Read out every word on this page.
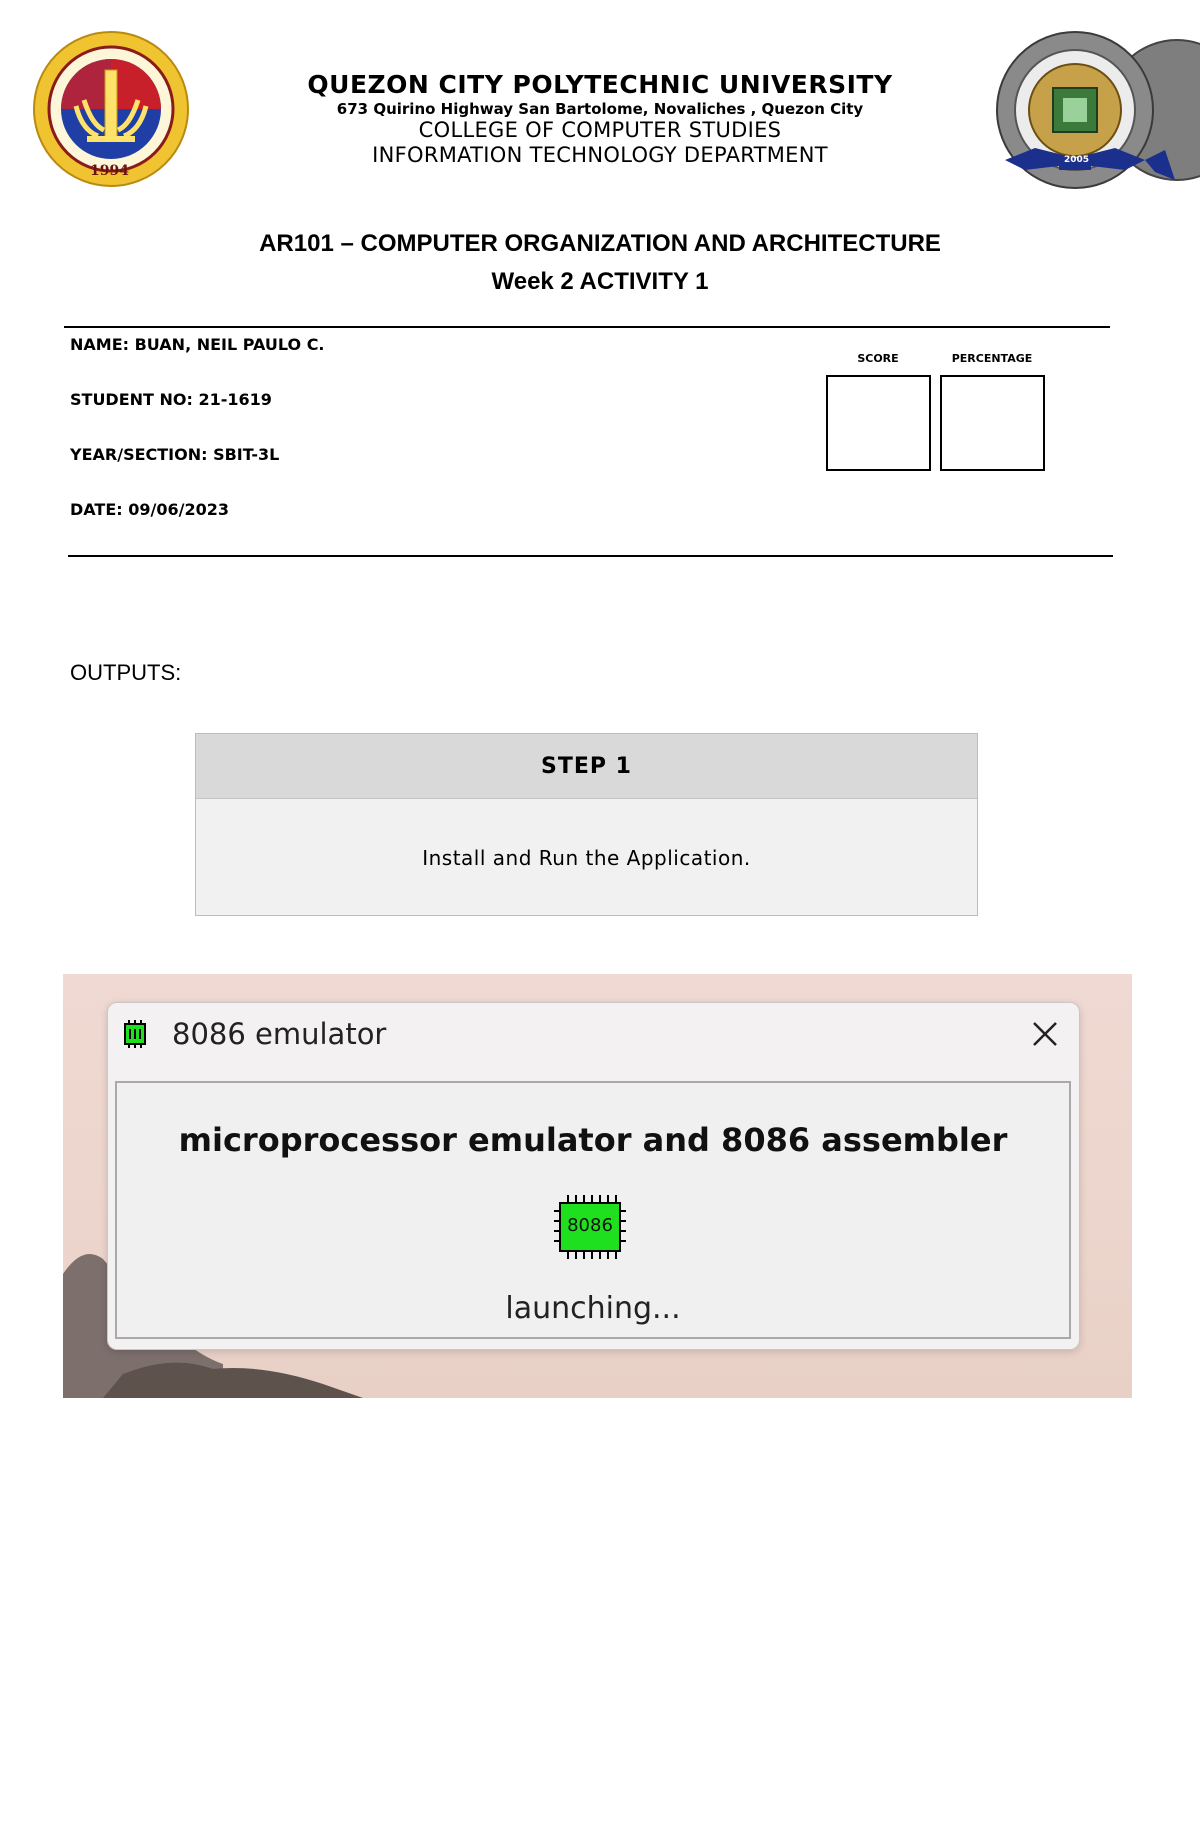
1994
2005
QUEZON CITY POLYTECHNIC UNIVERSITY
673 Quirino Highway San Bartolome, Novaliches , Quezon City
COLLEGE OF COMPUTER STUDIES
INFORMATION TECHNOLOGY DEPARTMENT
AR101 – COMPUTER ORGANIZATION AND ARCHITECTURE
Week 2 ACTIVITY 1
NAME: BUAN, NEIL PAULO C.
STUDENT NO: 21-1619
YEAR/SECTION: SBIT-3L
DATE: 09/06/2023
SCORE	PERCENTAGE
OUTPUTS:
STEP 1
Install and Run the Application.
8086 emulator
microprocessor emulator and 8086 assembler
8086
launching...
